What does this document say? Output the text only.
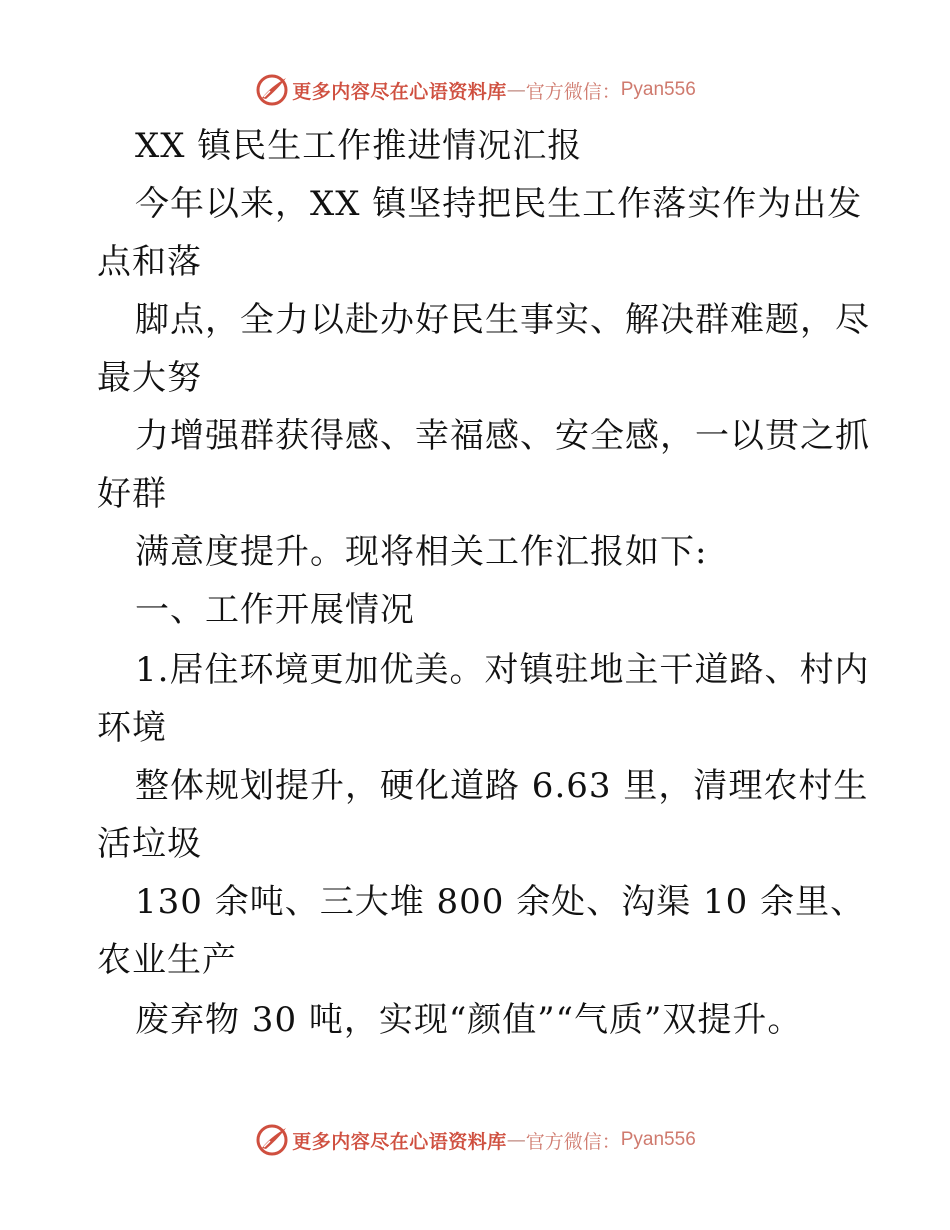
更多内容尽在心语资料库 — 官方微信： Pyan556
XX 镇民生工作推进情况汇报
今年以来，XX 镇坚持把民生工作落实作为出发
点和落
脚点，全力以赴办好民生事实、解决群难题，尽
最大努
力增强群获得感、幸福感、安全感，一以贯之抓
好群
满意度提升。现将相关工作汇报如下:
一、工作开展情况
1.居住环境更加优美。对镇驻地主干道路、村内
环境
整体规划提升，硬化道路 6.63 里，清理农村生
活垃圾
130 余吨、三大堆 800 余处、沟渠 10 余里、
农业生产
废弃物 30 吨，实现“颜值”“气质”双提升。
更多内容尽在心语资料库 — 官方微信： Pyan556
